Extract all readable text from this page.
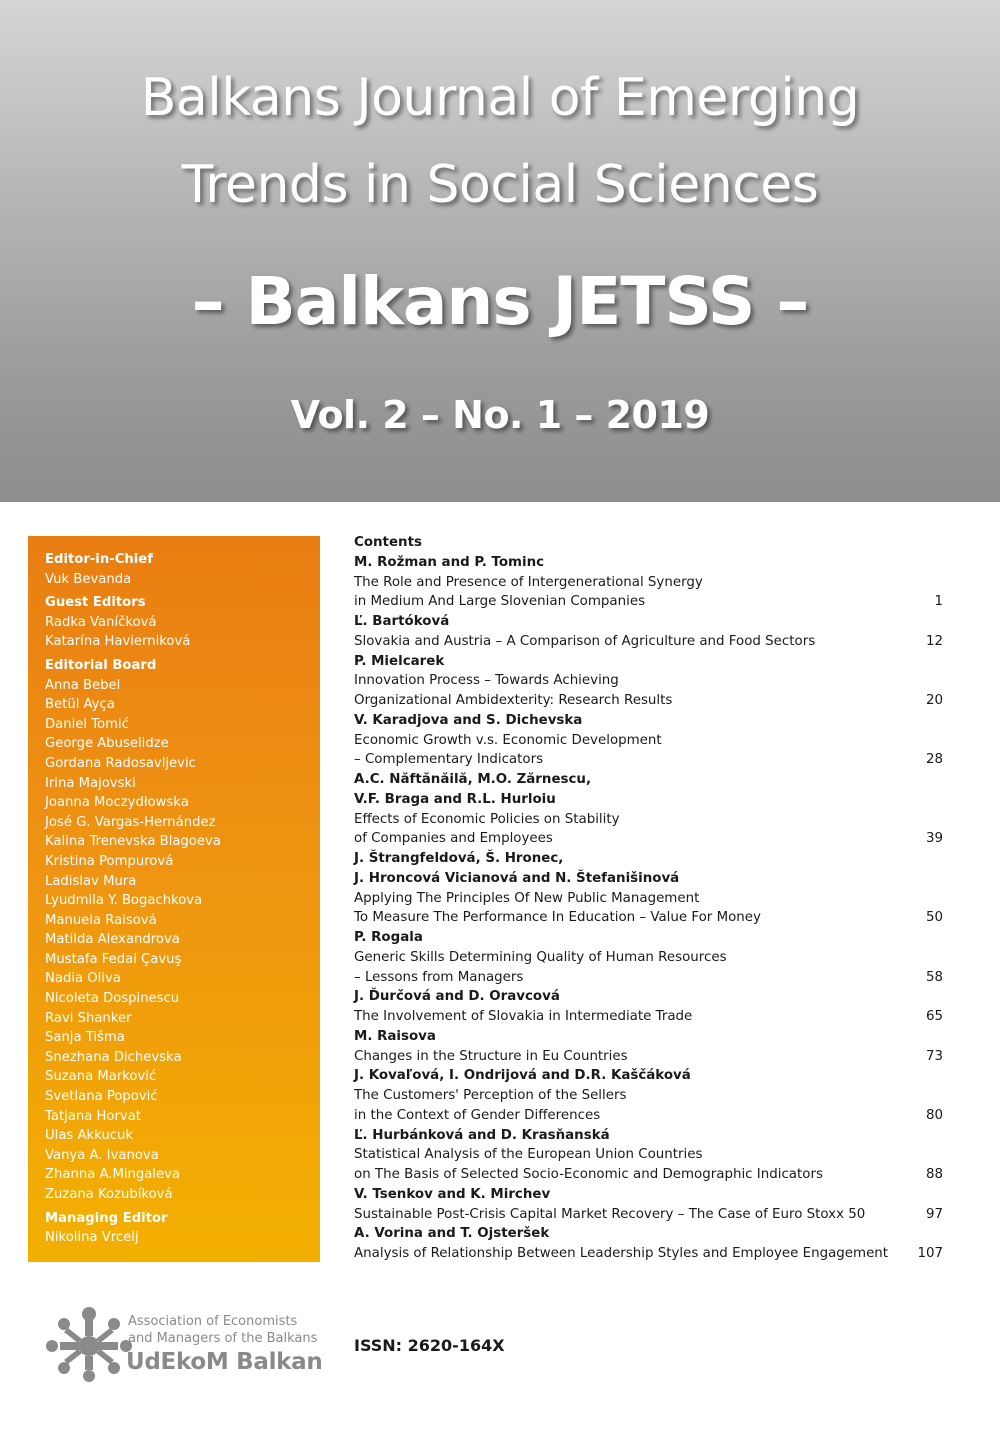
Balkans Journal of Emerging
Trends in Social Sciences
– Balkans JETSS –
Vol. 2 – No. 1 – 2019
Editor-in-Chief
Vuk Bevanda
Guest Editors
Radka Vaníčková
Katarína Havierniková
Editorial Board
Anna Bebel
Betül Ayça
Daniel Tomić
George Abuselidze
Gordana Radosavljevic
Irina Majovski
Joanna Moczydłowska
José G. Vargas-Hernández
Kalina Trenevska Blagoeva
Kristina Pompurová
Ladislav Mura
Lyudmila Y. Bogachkova
Manuela Raisová
Matilda Alexandrova
Mustafa Fedai Çavuş
Nadia Oliva
Nicoleta Dospinescu
Ravi Shanker
Sanja Tišma
Snezhana Dichevska
Suzana Marković
Svetlana Popović
Tatjana Horvat
Ulas Akkucuk
Vanya A. Ivanova
Zhanna A.Mingaleva
Zuzana Kozubíková
Managing Editor
Nikolina Vrcelj
Contents
M. Rožman and P. Tominc
The Role and Presence of Intergenerational Synergy
in Medium And Large Slovenian Companies	1
Ľ. Bartóková
Slovakia and Austria – A Comparison of Agriculture and Food Sectors	12
P. Mielcarek
Innovation Process – Towards Achieving
Organizational Ambidexterity: Research Results	20
V. Karadjova and S. Dichevska
Economic Growth v.s. Economic Development
– Complementary Indicators	28
A.C. Năftănăilă, M.O. Zărnescu,
V.F. Braga and R.L. Hurloiu
Effects of Economic Policies on Stability
of Companies and Employees	39
J. Štrangfeldová, Š. Hronec,
J. Hroncová Vicianová and N. Štefanišinová
Applying The Principles Of New Public Management
To Measure The Performance In Education – Value For Money	50
P. Rogala
Generic Skills Determining Quality of Human Resources
– Lessons from Managers	58
J. Ďurčová and D. Oravcová
The Involvement of Slovakia in Intermediate Trade	65
M. Raisova
Changes in the Structure in Eu Countries	73
J. Kovaľová, I. Ondrijová and D.R. Kaščáková
The Customers' Perception of the Sellers
in the Context of Gender Differences	80
Ľ. Hurbánková and D. Krasňanská
Statistical Analysis of the European Union Countries
on The Basis of Selected Socio-Economic and Demographic Indicators	88
V. Tsenkov and K. Mirchev
Sustainable Post-Crisis Capital Market Recovery – The Case of Euro Stoxx 50	97
A. Vorina and T. Ojsteršek
Analysis of Relationship Between Leadership Styles and Employee Engagement 107
Association of Economists
and Managers of the Balkans
UdEkoM Balkan
ISSN: 2620-164X
